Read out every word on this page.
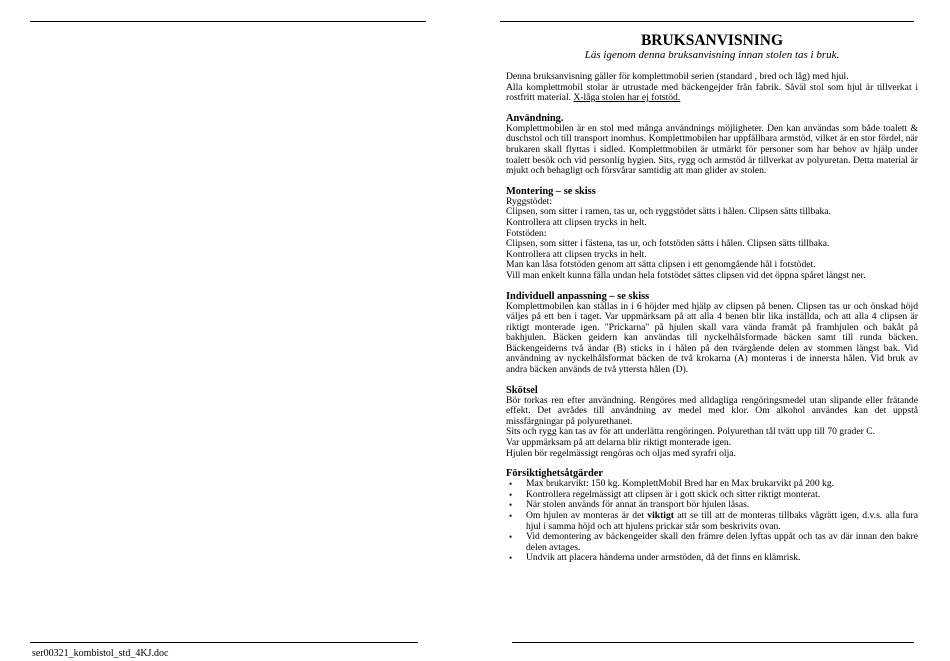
ser00321_kombistol_std_4KJ.doc
BRUKSANVISNING
Läs igenom denna bruksanvisning innan stolen tas i bruk.

Denna bruksanvisning gäller för komplettmobil serien (standard , bred och låg) med hjul.

Alla komplettmobil stolar är utrustade med bäckengejder från fabrik. Såväl stol som hjul är tillverkat i rostfritt material. X-låga stolen har ej fotstöd.

Användning.

Komplettmobilen är en stol med många användnings möjligheter. Den kan användas som både toalett & duschstol och till transport inomhus. Komplettmobilen har uppfällbara armstöd, vilket är en stor fördel, när brukaren skall flyttas i sidled. Komplettmobilen är utmärkt för personer som har behov av hjälp under toalett besök och vid personlig hygien. Sits, rygg och armstöd är tillverkat av polyuretan. Detta material är mjukt och behagligt och försvårar samtidig att man glider av stolen.

Montering – se skiss

Ryggstödet:

Clipsen, som sitter i ramen, tas ur, och ryggstödet sätts i hålen. Clipsen sätts tillbaka.

Kontrollera att clipsen trycks in helt.

Fotstöden:

Clipsen, som sitter i fästena, tas ur, och fotstöden sätts i hålen. Clipsen sätts tillbaka.

Kontrollera att clipsen trycks in helt.

Man kan låsa fotstöden genom att sätta clipsen i ett genomgående hål i fotstödet.

Vill man enkelt kunna fälla undan hela fotstödet sättes clipsen vid det öppna spåret längst ner.

Individuell anpassning – se skiss

Komplettmobilen kan ställas in i 6 höjder med hjälp av clipsen på benen. Clipsen tas ur och önskad höjd väljes på ett ben i taget. Var uppmärksam på att alla 4 benen blir lika inställda, och att alla 4 clipsen är riktigt monterade igen. "Prickarna" på hjulen skall vara vända framåt på framhjulen och bakåt på bakhjulen. Bäcken geidern kan användas till nyckelhålsformade bäcken samt till runda bäcken. Bäckengeiderns två ändar (B) sticks in i hålen på den tvärgående delen av stommen längst bak. Vid användning av nyckelhålsformat bäcken de två krokarna (A) monteras i de innersta hålen. Vid bruk av andra bäcken används de två yttersta hålen (D).

Skötsel

Bör torkas ren efter användning. Rengöres med alldagliga rengöringsmedel utan slipande eller frätande effekt. Det avrådes till användning av medel med klor. Om alkohol användes kan det uppstå missfärgningar på polyurethanet.

Sits och rygg kan tas av för att underlätta rengöringen. Polyurethan tål tvätt upp till 70 grader C.

Var uppmärksam på att delarna blir riktigt monterade igen.

Hjulen bör regelmässigt rengöras och oljas med syrafri olja.

Försiktighetsåtgärder
• Max brukarvikt: 150 kg. KomplettMobil Bred har en Max brukarvikt på 200 kg.
• Kontrollera regelmässigt att clipsen är i gott skick och sitter riktigt monterat.
• När stolen används för annat än transport bör hjulen låsas.
• Om hjulen av monteras är det viktigt att se till att de monteras tillbaks vågrätt igen, d.v.s. alla fura hjul i samma höjd och att hjulens prickar står som beskrivits ovan.
• Vid demontering av bäckengeider skall den främre delen lyftas uppåt och tas av där innan den bakre delen avtages.
• Undvik att placera händerna under armstöden, då det finns en klämrisk.
